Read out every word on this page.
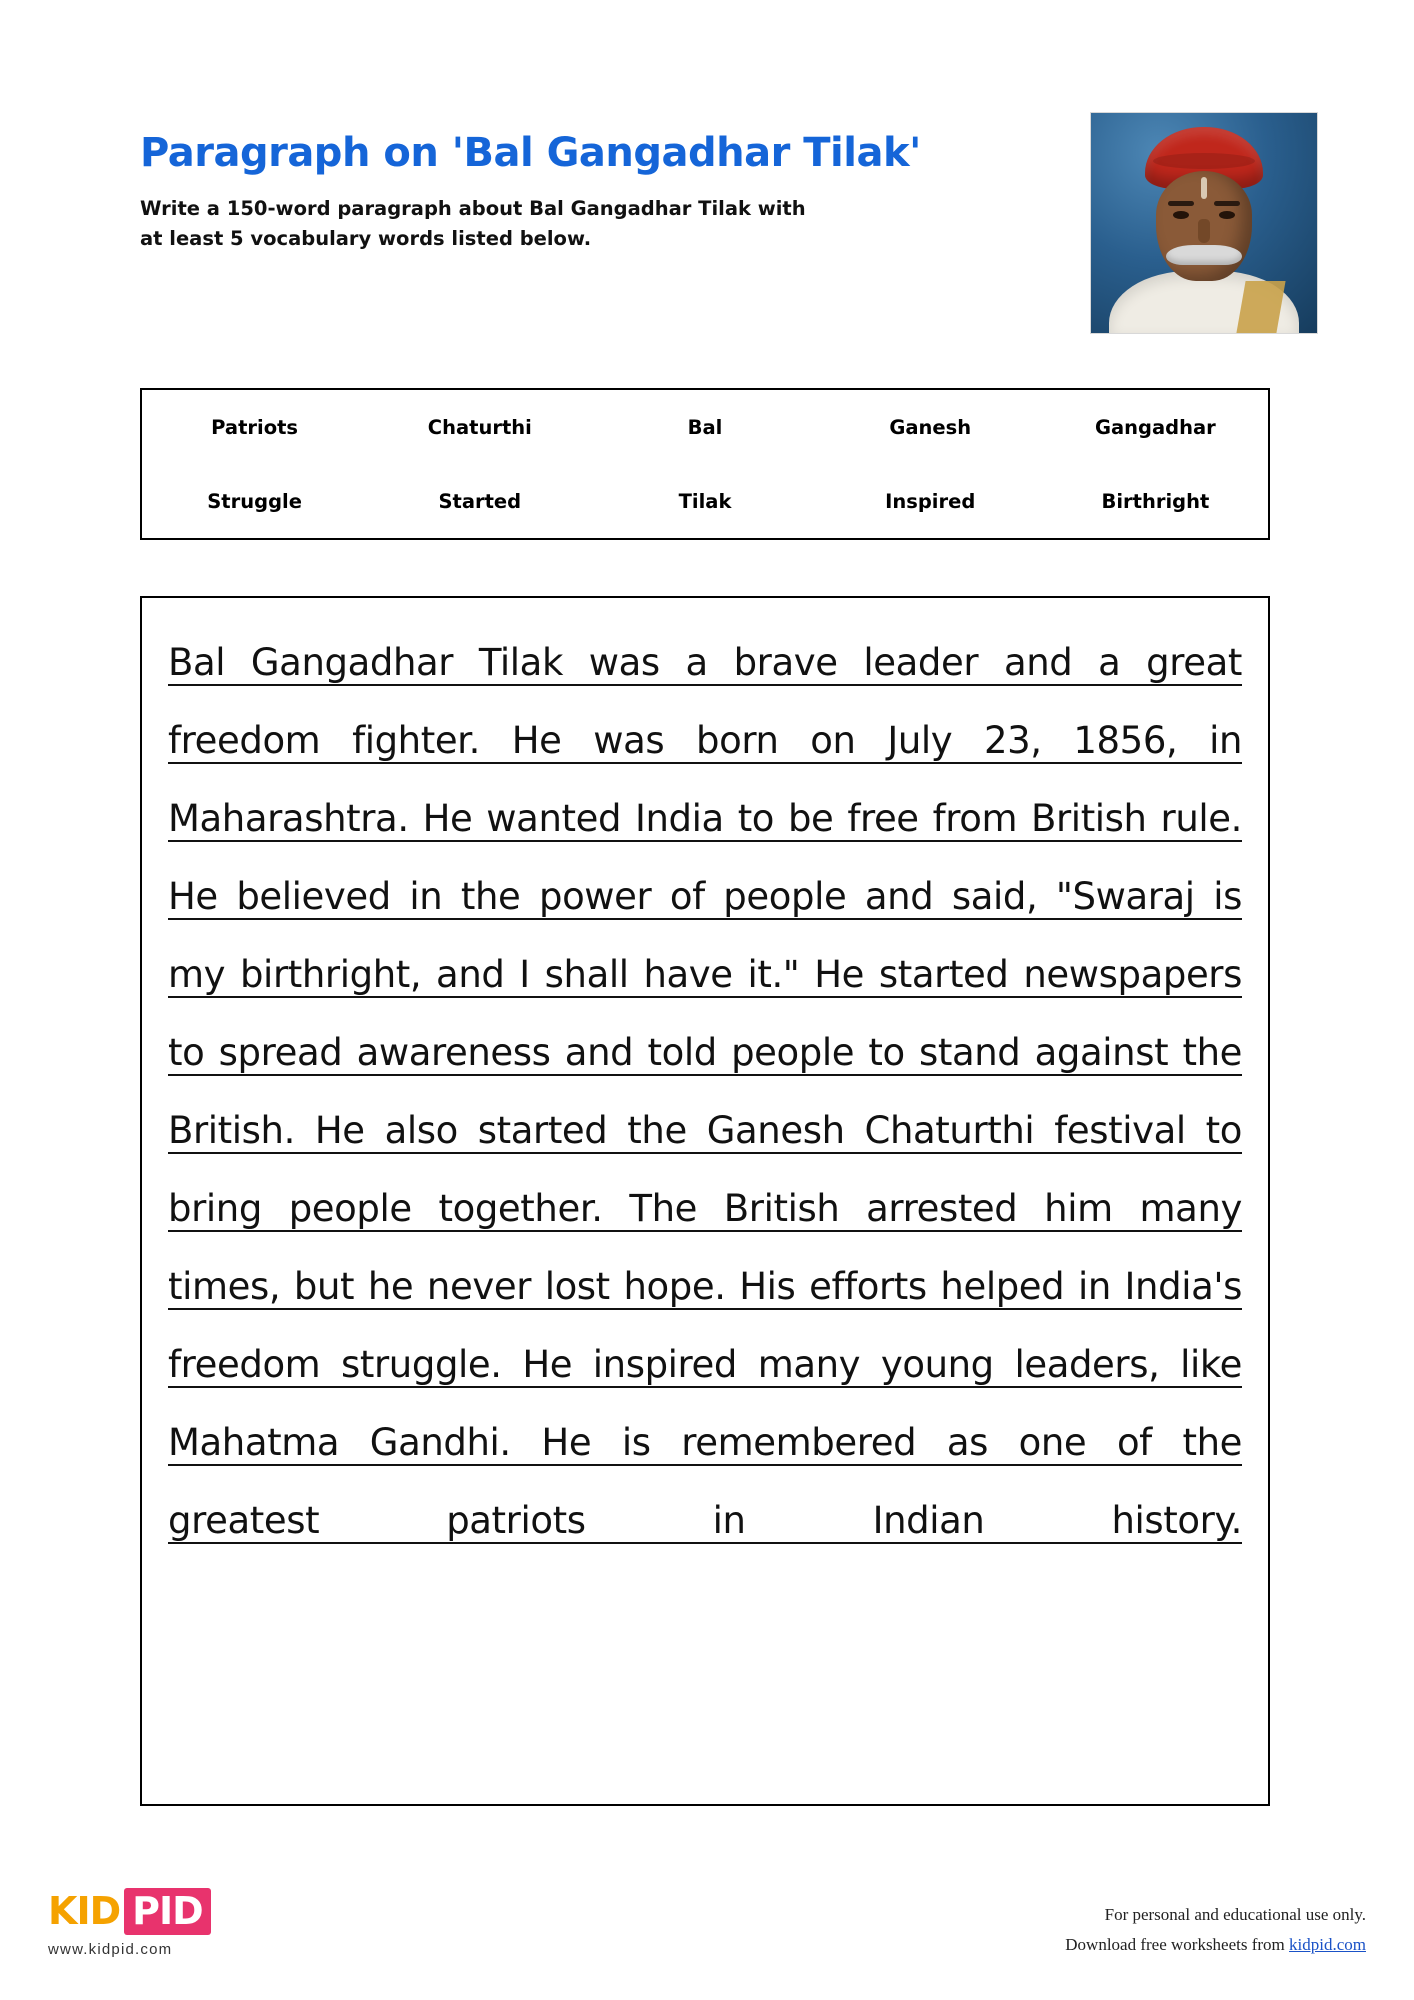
Paragraph on 'Bal Gangadhar Tilak'

Write a 150-word paragraph about Bal Gangadhar Tilak with
at least 5 vocabulary words listed below.

Patriots	Chaturthi	Bal	Ganesh	Gangadhar
Struggle	Started	Tilak	Inspired	Birthright

Bal Gangadhar Tilak was a brave leader and a great freedom fighter. He was born on July 23, 1856, in Maharashtra. He wanted India to be free from British rule. He believed in the power of people and said, "Swaraj is my birthright, and I shall have it." He started newspapers to spread awareness and told people to stand against the British. He also started the Ganesh Chaturthi festival to bring people together. The British arrested him many times, but he never lost hope. His efforts helped in India's freedom struggle. He inspired many young leaders, like Mahatma Gandhi. He is remembered as one of the greatest patriots in Indian history.

KID PID
www.kidpid.com
For personal and educational use only.
Download free worksheets from kidpid.com
